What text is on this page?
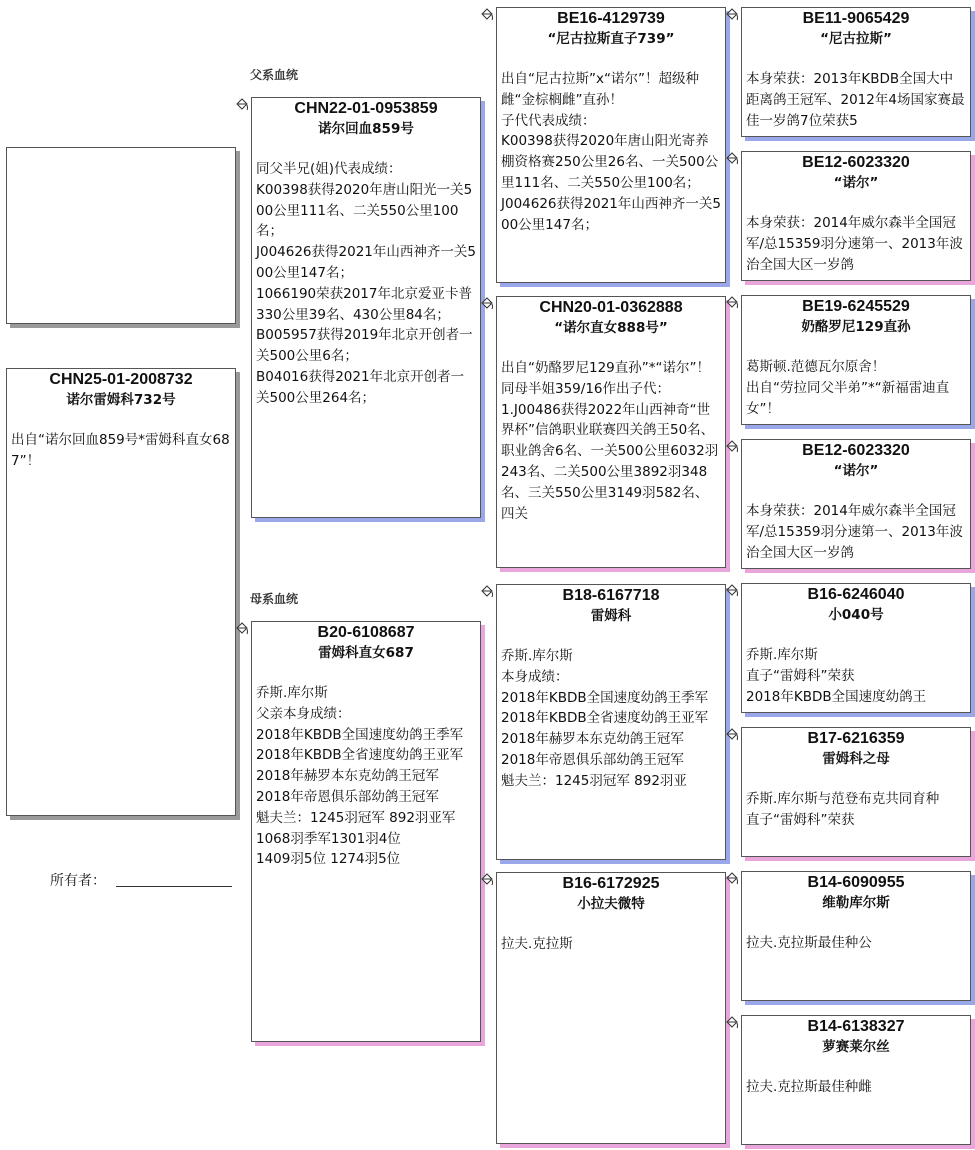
父系血统
母系血统
CHN25-01-2008732
诺尔雷姆科732号
出自“诺尔回血859号*雷姆科直女687”！
所有者：
CHN22-01-0953859
诺尔回血859号
同父半兄(姐)代表成绩：
K00398获得2020年唐山阳光一关500公里111名、二关550公里100名；
J004626获得2021年山西神齐一关500公里147名；
1066190荣获2017年北京爱亚卡普330公里39名、430公里84名；
B005957获得2019年北京开创者一关500公里6名；
B04016获得2021年北京开创者一关500公里264名；
B20-6108687
雷姆科直女687
乔斯.库尔斯
父亲本身成绩：
2018年KBDB全国速度幼鸽王季军
2018年KBDB全省速度幼鸽王亚军
2018年赫罗本东克幼鸽王冠军
2018年帝恩俱乐部幼鸽王冠军
魁夫兰：1245羽冠军 892羽亚军
1068羽季军1301羽4位
1409羽5位 1274羽5位
BE16-4129739
“尼古拉斯直子739”
出自“尼古拉斯”x“诺尔”！超级种雌“金棕榈雌”直孙！
子代代表成绩：
K00398获得2020年唐山阳光寄养棚资格赛250公里26名、一关500公里111名、二关550公里100名；
J004626获得2021年山西神齐一关500公里147名；
CHN20-01-0362888
“诺尔直女888号”
出自“奶酪罗尼129直孙”*“诺尔”！
同母半姐359/16作出子代：
1.J00486获得2022年山西神奇“世界杯”信鸽职业联赛四关鸽王50名、职业鸽舍6名、一关500公里6032羽243名、二关500公里3892羽348名、三关550公里3149羽582名、四关
B18-6167718
雷姆科
乔斯.库尔斯
本身成绩：
2018年KBDB全国速度幼鸽王季军
2018年KBDB全省速度幼鸽王亚军
2018年赫罗本东克幼鸽王冠军
2018年帝恩俱乐部幼鸽王冠军
魁夫兰：1245羽冠军 892羽亚
B16-6172925
小拉夫微特
拉夫.克拉斯
BE11-9065429
“尼古拉斯”
本身荣获：2013年KBDB全国大中距离鸽王冠军、2012年4场国家赛最佳一岁鸽7位荣获5
BE12-6023320
“诺尔”
本身荣获：2014年威尔森半全国冠军/总15359羽分速第一、2013年波治全国大区一岁鸽
BE19-6245529
奶酪罗尼129直孙
葛斯顿.范德瓦尔原舍！
出自“劳拉同父半弟”*“新福雷迪直女”！
BE12-6023320
“诺尔”
本身荣获：2014年威尔森半全国冠军/总15359羽分速第一、2013年波治全国大区一岁鸽
B16-6246040
小040号
乔斯.库尔斯
直子“雷姆科”荣获
2018年KBDB全国速度幼鸽王
B17-6216359
雷姆科之母
乔斯.库尔斯与范登布克共同育种
直子“雷姆科”荣获
B14-6090955
维勒库尔斯
拉夫.克拉斯最佳种公
B14-6138327
萝赛莱尔丝
拉夫.克拉斯最佳种雌
